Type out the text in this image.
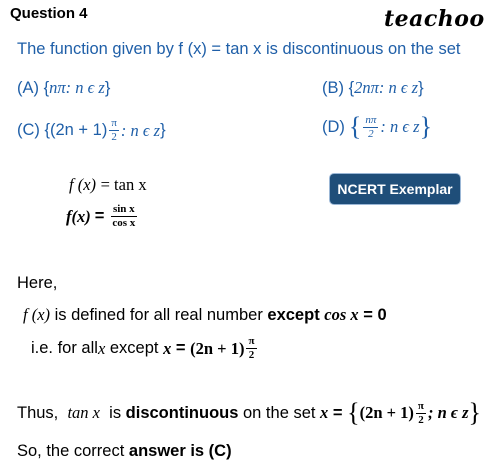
Question 4	teachoo
The function given by f (x) = tan x is discontinuous on the set
(A) {nπ: n ϵ z}	(B) {2nπ: n ϵ z}
(C) {$(2n + 1) \frac{\pi}{2}$ : n ϵ z }	(D) { $\frac{n\pi}{2}$ : n ϵ z }
NCERT Exemplar
f (x) = tan x
$f(x) = \frac{\text{sin x}}{\text{cos x}}$
Here,
f (x) is defined for all real number except cos x = 0
i.e. for all x except $x = (2n + 1) \frac{\pi}{2}$
Thus, tan x is discontinuous on the set x = { $(2n + 1) \frac{\pi}{2}$ ; n ϵ z }
So, the correct answer is (C)
